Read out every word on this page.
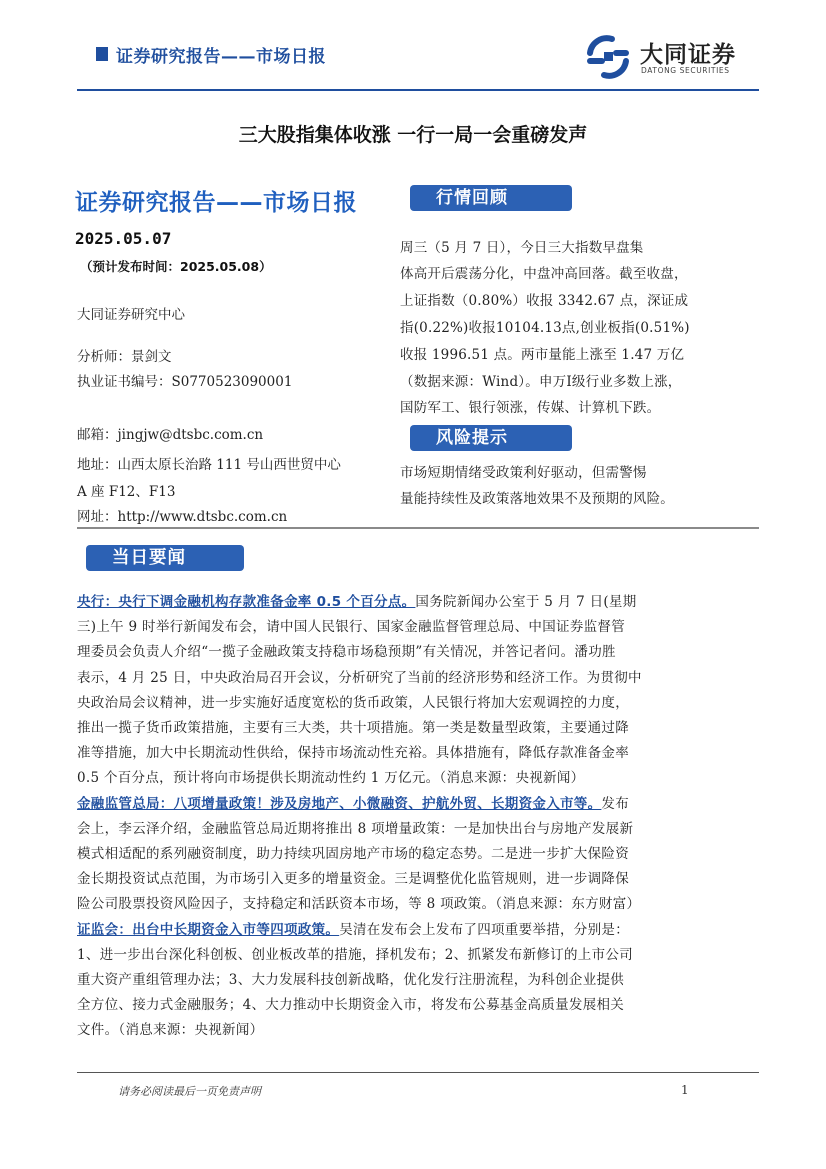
证券研究报告——市场日报	大同证券
DATONG SECURITIES
三大股指集体收涨 一行一局一会重磅发声
证券研究报告——市场日报
2025.05.07
（预计发布时间：2025.05.08）
大同证券研究中心
分析师：景剑文
执业证书编号：S0770523090001
邮箱：jingjw@dtsbc.com.cn
地址：山西太原长治路 111 号山西世贸中心
A 座 F12、F13
网址：http://www.dtsbc.com.cn
行情回顾
周三（5 月 7 日），今日三大指数早盘集
体高开后震荡分化，中盘冲高回落。截至收盘，
上证指数（0.80%）收报 3342.67 点，深证成
指(0.22%)收报10104.13点,创业板指(0.51%)
收报 1996.51 点。两市量能上涨至 1.47 万亿
（数据来源：Wind）。申万Ⅰ级行业多数上涨，
国防军工、银行领涨，传媒、计算机下跌。
风险提示
市场短期情绪受政策利好驱动，但需警惕
量能持续性及政策落地效果不及预期的风险。
当日要闻
央行：央行下调金融机构存款准备金率 0.5 个百分点。国务院新闻办公室于 5 月 7 日(星期
三)上午 9 时举行新闻发布会，请中国人民银行、国家金融监督管理总局、中国证券监督管
理委员会负责人介绍“一揽子金融政策支持稳市场稳预期”有关情况，并答记者问。潘功胜
表示，4 月 25 日，中央政治局召开会议，分析研究了当前的经济形势和经济工作。为贯彻中
央政治局会议精神，进一步实施好适度宽松的货币政策，人民银行将加大宏观调控的力度，
推出一揽子货币政策措施，主要有三大类，共十项措施。第一类是数量型政策，主要通过降
准等措施，加大中长期流动性供给，保持市场流动性充裕。具体措施有，降低存款准备金率
0.5 个百分点，预计将向市场提供长期流动性约 1 万亿元。（消息来源：央视新闻）
金融监管总局：八项增量政策！涉及房地产、小微融资、护航外贸、长期资金入市等。发布
会上，李云泽介绍，金融监管总局近期将推出 8 项增量政策：一是加快出台与房地产发展新
模式相适配的系列融资制度，助力持续巩固房地产市场的稳定态势。二是进一步扩大保险资
金长期投资试点范围，为市场引入更多的增量资金。三是调整优化监管规则，进一步调降保
险公司股票投资风险因子，支持稳定和活跃资本市场，等 8 项政策。（消息来源：东方财富）
证监会：出台中长期资金入市等四项政策。吴清在发布会上发布了四项重要举措，分别是：
1、进一步出台深化科创板、创业板改革的措施，择机发布；2、抓紧发布新修订的上市公司
重大资产重组管理办法；3、大力发展科技创新战略，优化发行注册流程，为科创企业提供
全方位、接力式金融服务；4、大力推动中长期资金入市，将发布公募基金高质量发展相关
文件。（消息来源：央视新闻）
请务必阅读最后一页免责声明	1
